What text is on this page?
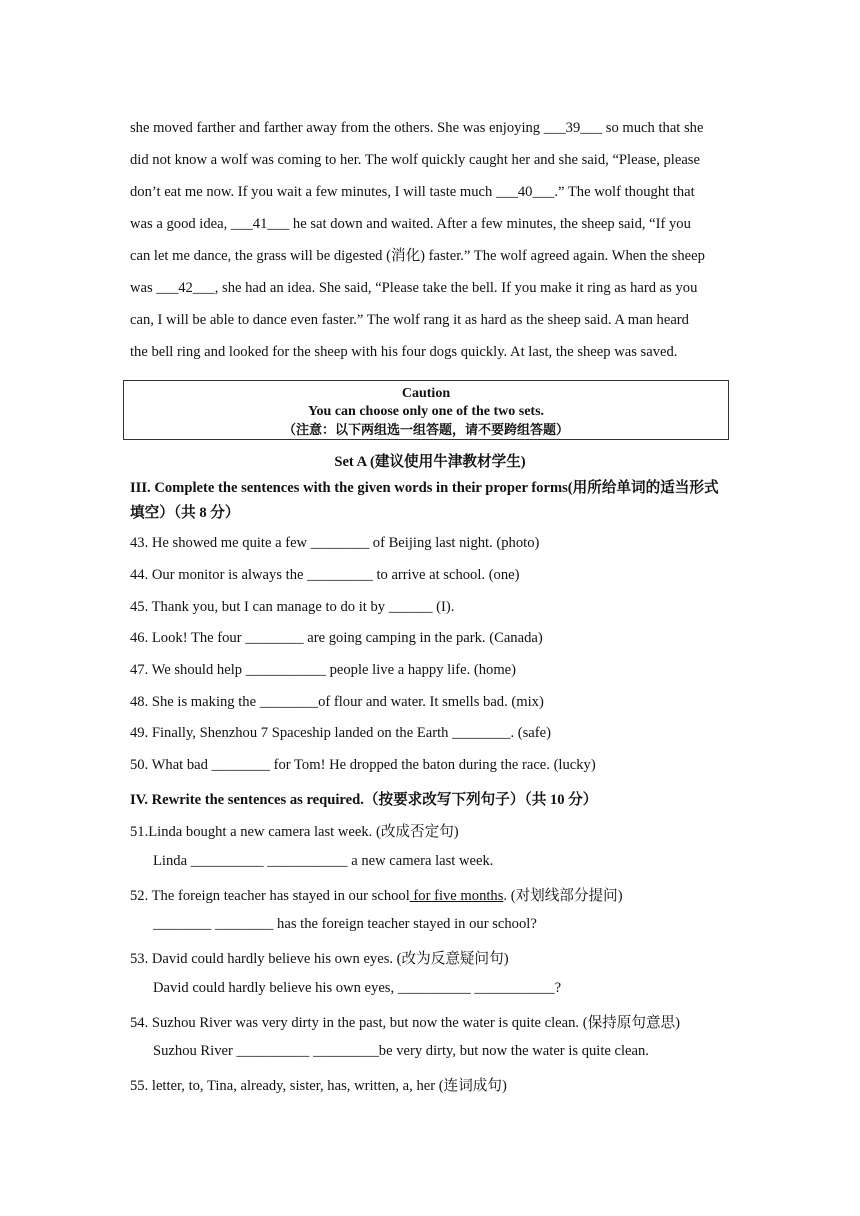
she moved farther and farther away from the others. She was enjoying ___39___ so much that she

did not know a wolf was coming to her. The wolf quickly caught her and she said, “Please, please

don’t eat me now. If you wait a few minutes, I will taste much ___40___.” The wolf thought that

was a good idea, ___41___ he sat down and waited. After a few minutes, the sheep said, “If you

can let me dance, the grass will be digested (消化) faster.” The wolf agreed again. When the sheep

was ___42___, she had an idea. She said, “Please take the bell. If you make it ring as hard as you

can, I will be able to dance even faster.” The wolf rang it as hard as the sheep said. A man heard

the bell ring and looked for the sheep with his four dogs quickly. At last, the sheep was saved.

Caution
You can choose only one of the two sets.
（注意：以下两组选一组答题，请不要跨组答题）
Set A (建议使用牛津教材学生)
III. Complete the sentences with the given words in their proper forms(用所给单词的适当形式
填空）（共 8 分）
43. He showed me quite a few ________ of Beijing last night. (photo)
44. Our monitor is always the _________ to arrive at school. (one)
45. Thank you, but I can manage to do it by ______ (I).
46. Look! The four ________ are going camping in the park. (Canada)
47. We should help ___________ people live a happy life. (home)
48. She is making the ________of flour and water. It smells bad. (mix)
49. Finally, Shenzhou 7 Spaceship landed on the Earth ________. (safe)
50. What bad ________ for Tom! He dropped the baton during the race. (lucky)
IV. Rewrite the sentences as required.（按要求改写下列句子）（共 10 分）
51.Linda bought a new camera last week. (改成否定句)
Linda __________ ___________ a new camera last week.
52. The foreign teacher has stayed in our school for five months. (对划线部分提问)
________ ________ has the foreign teacher stayed in our school?
53. David could hardly believe his own eyes. (改为反意疑问句)
David could hardly believe his own eyes, __________ ___________?
54. Suzhou River was very dirty in the past, but now the water is quite clean. (保持原句意思)
Suzhou River __________ _________be very dirty, but now the water is quite clean.
55. letter, to, Tina, already, sister, has, written, a, her (连词成句)
